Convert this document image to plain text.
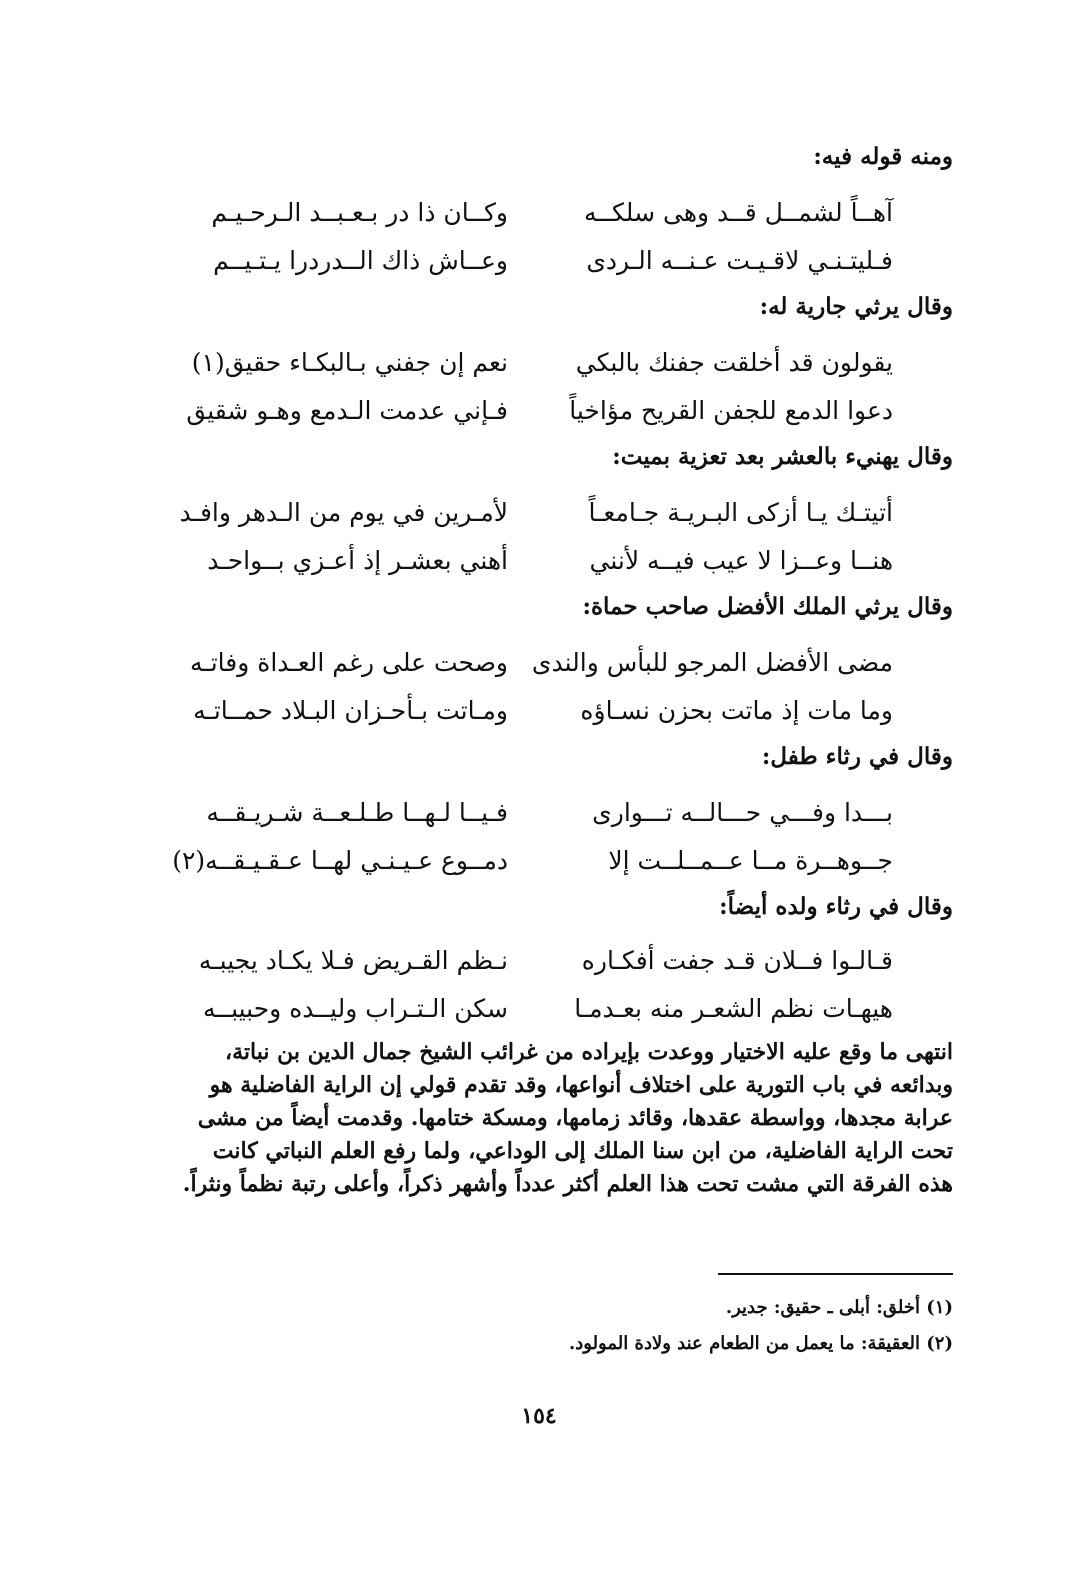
ومنه قوله فيه:
آهــاً لشمــل قــد وهى سلكــه
وكــان ذا در بـعـبــد الـرحـيـم
فـليتـنـي لاقـيـت عـنــه الـردى
وعــاش ذاك الــدردرا يـتـيــم
وقال يرثي جارية له:
يقولون قد أخلقت جفنك بالبكي
نعم إن جفني بـالبكـاء حقيق(١)
دعوا الدمع للجفن القريح مؤاخياً
فـإني عدمت الـدمع وهـو شقيق
وقال يهنيء بالعشر بعد تعزية بميت:
أتيتـك يـا أزكى البـريـة جـامعـاً
لأمـرين في يوم من الـدهر وافـد
هنــا وعــزا لا عيب فيــه لأنني
أهني بعشـر إذ أعـزي بــواحـد
وقال يرثي الملك الأفضل صاحب حماة:
مضى الأفضل المرجو للبأس والندى
وصحت على رغم العـداة وفاتـه
وما مات إذ ماتت بحزن نسـاؤه
ومـاتت بـأحـزان البـلاد حمــاتـه
وقال في رثاء طفل:
بـــدا وفـــي حـــالــه تـــوارى
فـيــا لـهــا طـلـعــة شـريـقــه
جــوهــرة مــا عــمــلــت إلا
دمــوع عـيـنـي لهــا عـقـيـقــه(٢)
وقال في رثاء ولده أيضاً:
قـالـوا فــلان قـد جفت أفكـاره
نـظم القـريض فـلا يكـاد يجيبـه
هيهـات نظم الشعـر منه بعـدمـا
سكن الـتـراب وليــده وحبيبــه

انتهى ما وقع عليه الاختيار ووعدت بإيراده من غرائب الشيخ جمال الدين بن نباتة،

وبدائعه في باب التورية على اختلاف أنواعها، وقد تقدم قولي إن الراية الفاضلية هو

عرابة مجدها، وواسطة عقدها، وقائد زمامها، ومسكة ختامها. وقدمت أيضاً من مشى

تحت الراية الفاضلية، من ابن سنا الملك إلى الوداعي، ولما رفع العلم النباتي كانت

هذه الفرقة التي مشت تحت هذا العلم أكثر عدداً وأشهر ذكراً، وأعلى رتبة نظماً ونثراً.

(١) أخلق: أبلى ـ حقيق: جدير.
(٢) العقيقة: ما يعمل من الطعام عند ولادة المولود.
١٥٤
